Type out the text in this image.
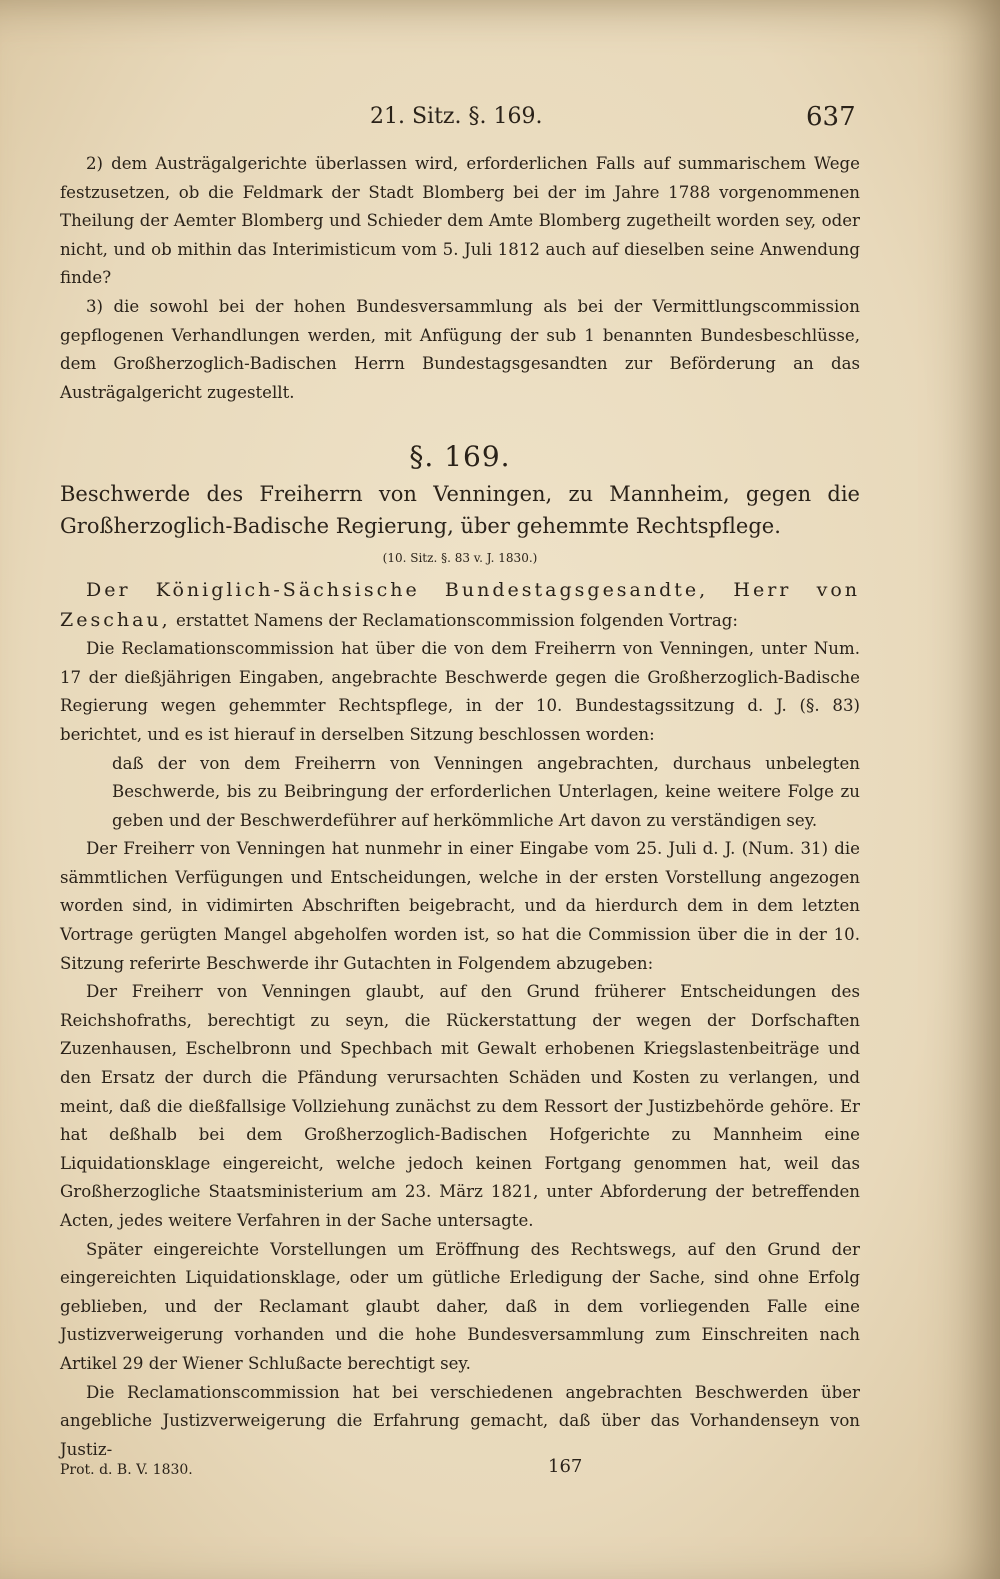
21. Sitz. §. 169.	637

2) dem Austrägalgerichte überlassen wird, erforderlichen Falls auf summarischem Wege festzusetzen, ob die Feldmark der Stadt Blomberg bei der im Jahre 1788 vorgenommenen Theilung der Aemter Blomberg und Schieder dem Amte Blomberg zugetheilt worden sey, oder nicht, und ob mithin das Interimisticum vom 5. Juli 1812 auch auf dieselben seine Anwendung finde?

3) die sowohl bei der hohen Bundesversammlung als bei der Vermittlungscommission gepflogenen Verhandlungen werden, mit Anfügung der sub 1 benannten Bundesbeschlüsse, dem Großherzoglich-Badischen Herrn Bundestagsgesandten zur Beförderung an das Austrägalgericht zugestellt.

§. 169.

Beschwerde des Freiherrn von Venningen, zu Mannheim, gegen die Großherzoglich-Badische Regierung, über gehemmte Rechtspflege.

(10. Sitz. §. 83 v. J. 1830.)

Der Königlich-Sächsische Bundestagsgesandte, Herr von Zeschau, erstattet Namens der Reclamationscommission folgenden Vortrag:

Die Reclamationscommission hat über die von dem Freiherrn von Venningen, unter Num. 17 der dießjährigen Eingaben, angebrachte Beschwerde gegen die Großherzoglich-Badische Regierung wegen gehemmter Rechtspflege, in der 10. Bundestagssitzung d. J. (§. 83) berichtet, und es ist hierauf in derselben Sitzung beschlossen worden:

daß der von dem Freiherrn von Venningen angebrachten, durchaus unbelegten Beschwerde, bis zu Beibringung der erforderlichen Unterlagen, keine weitere Folge zu geben und der Beschwerdeführer auf herkömmliche Art davon zu verständigen sey.

Der Freiherr von Venningen hat nunmehr in einer Eingabe vom 25. Juli d. J. (Num. 31) die sämmtlichen Verfügungen und Entscheidungen, welche in der ersten Vorstellung angezogen worden sind, in vidimirten Abschriften beigebracht, und da hierdurch dem in dem letzten Vortrage gerügten Mangel abgeholfen worden ist, so hat die Commission über die in der 10. Sitzung referirte Beschwerde ihr Gutachten in Folgendem abzugeben:

Der Freiherr von Venningen glaubt, auf den Grund früherer Entscheidungen des Reichshofraths, berechtigt zu seyn, die Rückerstattung der wegen der Dorfschaften Zuzenhausen, Eschelbronn und Spechbach mit Gewalt erhobenen Kriegslastenbeiträge und den Ersatz der durch die Pfändung verursachten Schäden und Kosten zu verlangen, und meint, daß die dießfallsige Vollziehung zunächst zu dem Ressort der Justizbehörde gehöre. Er hat deßhalb bei dem Großherzoglich-Badischen Hofgerichte zu Mannheim eine Liquidationsklage eingereicht, welche jedoch keinen Fortgang genommen hat, weil das Großherzogliche Staatsministerium am 23. März 1821, unter Abforderung der betreffenden Acten, jedes weitere Verfahren in der Sache untersagte.

Später eingereichte Vorstellungen um Eröffnung des Rechtswegs, auf den Grund der eingereichten Liquidationsklage, oder um gütliche Erledigung der Sache, sind ohne Erfolg geblieben, und der Reclamant glaubt daher, daß in dem vorliegenden Falle eine Justizverweigerung vorhanden und die hohe Bundesversammlung zum Einschreiten nach Artikel 29 der Wiener Schlußacte berechtigt sey.

Die Reclamationscommission hat bei verschiedenen angebrachten Beschwerden über angebliche Justizverweigerung die Erfahrung gemacht, daß über das Vorhandenseyn von Justiz-

Prot. d. B. V. 1830.	167
